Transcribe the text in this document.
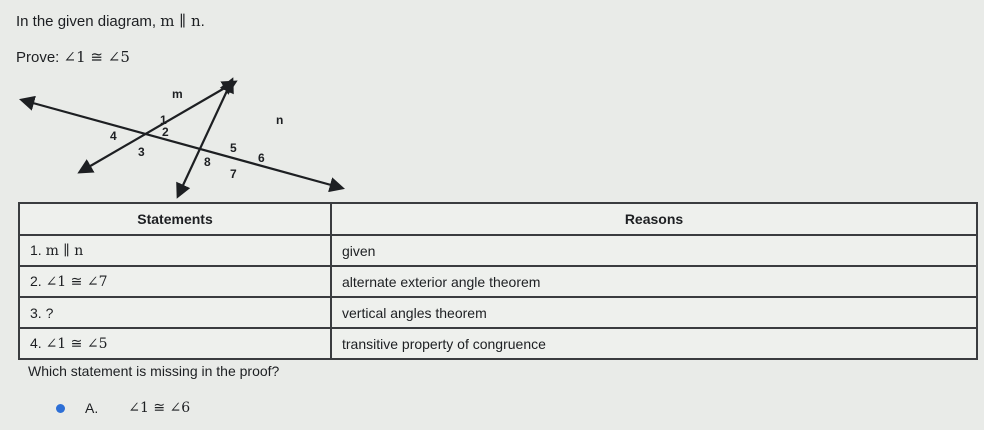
In the given diagram, m ∥ n.
Prove: ∠1 ≅ ∠5
m
n
1
2
3
4
5
6
7
8
Statements	Reasons
1. m ∥ n	given
2. ∠1 ≅ ∠7	alternate exterior angle theorem
3. ?	vertical angles theorem
4. ∠1 ≅ ∠5	transitive property of congruence
Which statement is missing in the proof?
A. ∠1 ≅ ∠6
